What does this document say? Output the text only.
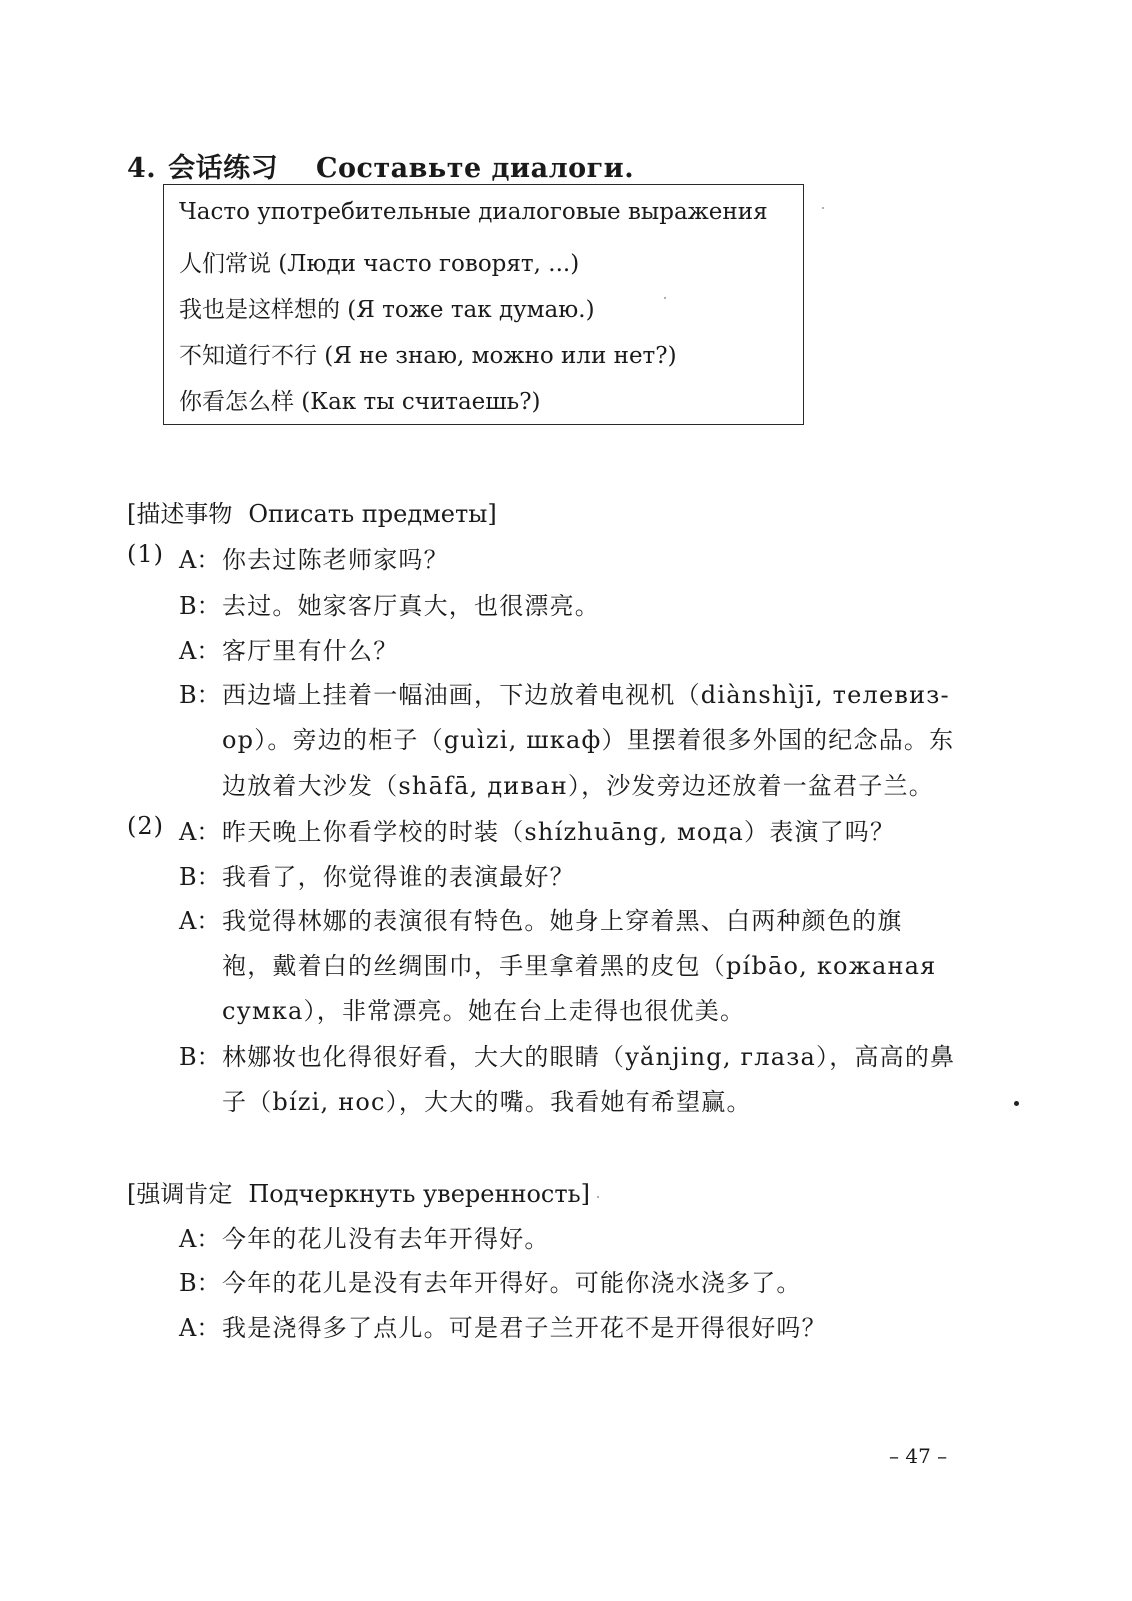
4. 会话练习 Составьте диалоги.
Часто употребительные диалоговые выражения
人们常说 (Люди часто говорят, ...)
我也是这样想的 (Я тоже так думаю.)
不知道行不行 (Я не знаю, можно или нет?)
你看怎么样 (Как ты считаешь?)
[描述事物 Описать предметы]
(1) A： 你去过陈老师家吗？
B： 去过。她家客厅真大，也很漂亮。
A： 客厅里有什么？
B： 西边墙上挂着一幅油画，下边放着电视机（diànshìjī, телевиз-
ор）。旁边的柜子（guìzi, шкаф）里摆着很多外国的纪念品。东
边放着大沙发（shāfā, диван），沙发旁边还放着一盆君子兰。
(2) A： 昨天晚上你看学校的时装（shízhuāng, мода）表演了吗？
B： 我看了，你觉得谁的表演最好？
A： 我觉得林娜的表演很有特色。她身上穿着黑、白两种颜色的旗
袍，戴着白的丝绸围巾，手里拿着黑的皮包（píbāo, кожаная
сумка），非常漂亮。她在台上走得也很优美。
B： 林娜妆也化得很好看，大大的眼睛（yǎnjing, глаза），高高的鼻
子（bízi, нос），大大的嘴。我看她有希望赢。
[强调肯定 Подчеркнуть уверенность]
A： 今年的花儿没有去年开得好。
B： 今年的花儿是没有去年开得好。可能你浇水浇多了。
A： 我是浇得多了点儿。可是君子兰开花不是开得很好吗？
– 47 –
